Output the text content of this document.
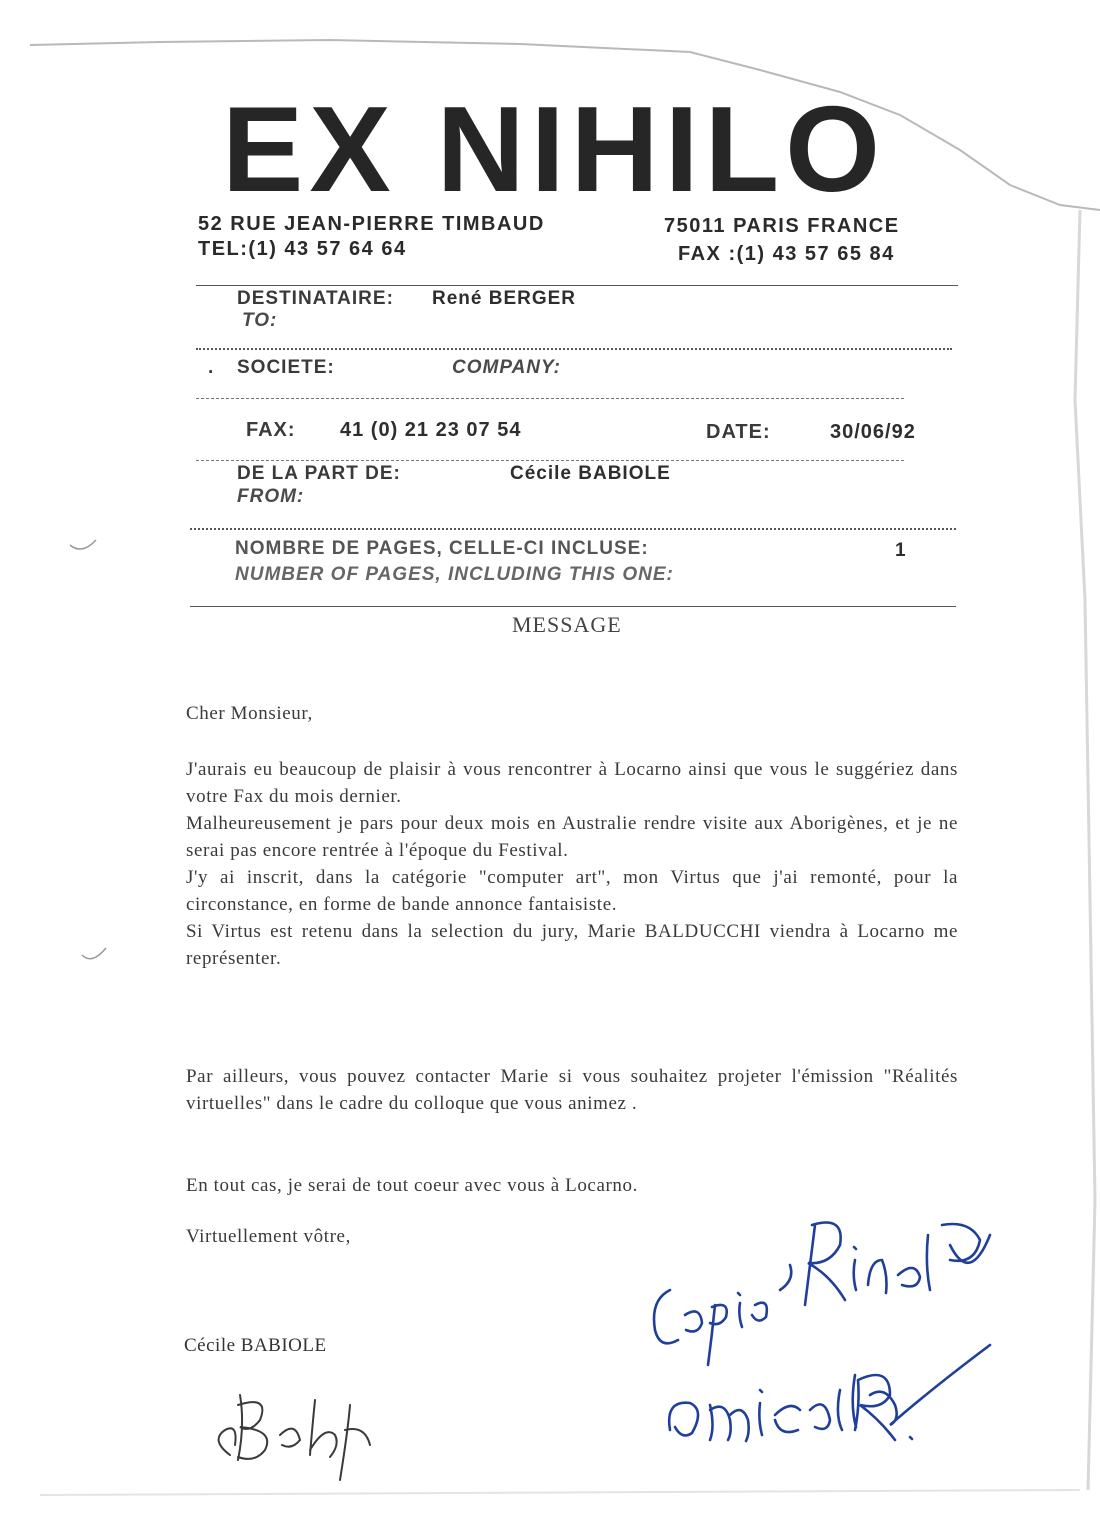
EX NIHILO
52 RUE JEAN-PIERRE TIMBAUD	75011 PARIS FRANCE
TEL:(1) 43 57 64 64	FAX :(1) 43 57 65 84
DESTINATAIRE: René BERGER
TO:
. SOCIETE:	COMPANY:
FAX: 41 (0) 21 23 07 54	DATE:	30/06/92
DE LA PART DE:	Cécile BABIOLE
FROM:
NOMBRE DE PAGES, CELLE-CI INCLUSE:	1
NUMBER OF PAGES, INCLUDING THIS ONE:
MESSAGE
Cher Monsieur,

J'aurais eu beaucoup de plaisir à vous rencontrer à Locarno ainsi que vous le suggériez dans votre Fax du mois dernier.

Malheureusement je pars pour deux mois en Australie rendre visite aux Aborigènes, et je ne serai pas encore rentrée à l'époque du Festival.

J'y ai inscrit, dans la catégorie "computer art", mon Virtus que j'ai remonté, pour la circonstance, en forme de bande annonce fantaisiste.

Si Virtus est retenu dans la selection du jury, Marie BALDUCCHI viendra à Locarno me représenter.

Par ailleurs, vous pouvez contacter Marie si vous souhaitez projeter l'émission "Réalités virtuelles" dans le cadre du colloque que vous animez .
En tout cas, je serai de tout coeur avec vous à Locarno.
Virtuellement vôtre,
Cécile BABIOLE
